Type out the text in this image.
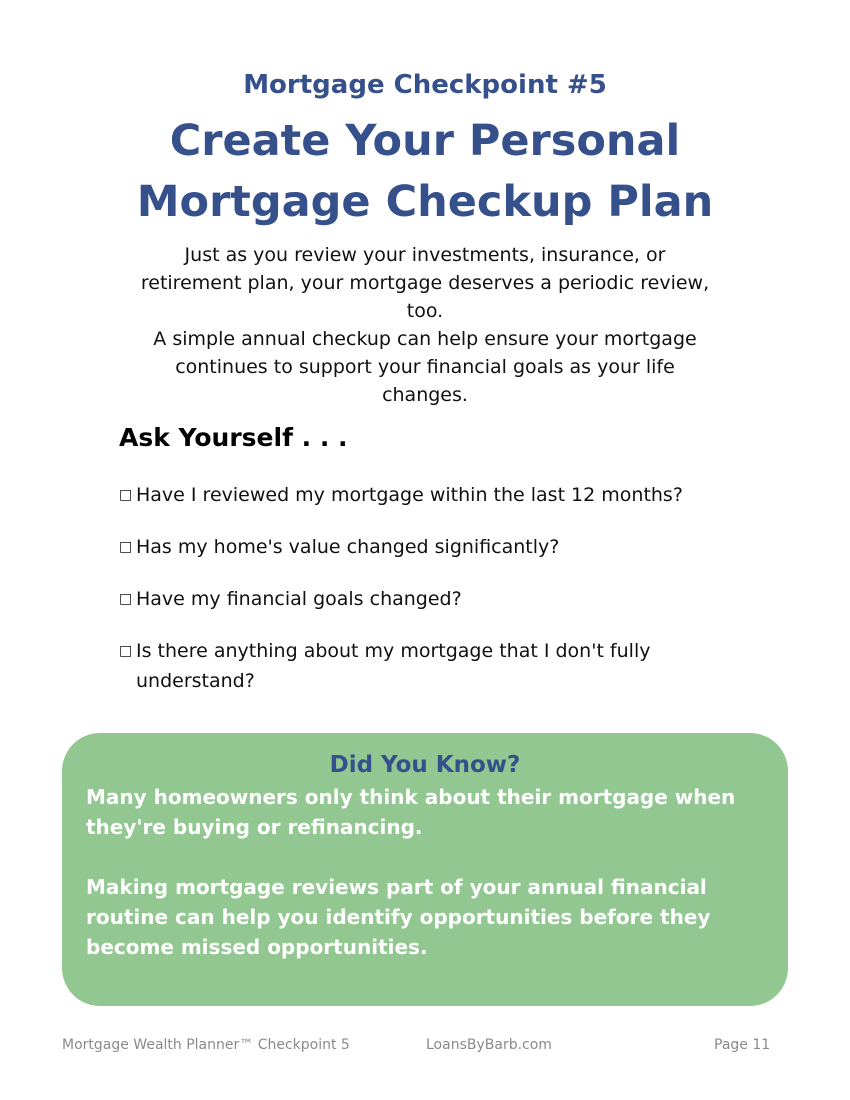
Mortgage Checkpoint #5
Create Your Personal
Mortgage Checkup Plan

Just as you review your investments, insurance, or retirement plan, your mortgage deserves a periodic review, too.

A simple annual checkup can help ensure your mortgage continues to support your financial goals as your life changes.

Ask Yourself . . .
□ Have I reviewed my mortgage within the last 12 months?
□ Has my home's value changed significantly?
□ Have my financial goals changed?
□ Is there anything about my mortgage that I don't fully understand?
Did You Know?

Many homeowners only think about their mortgage when they're buying or refinancing.

Making mortgage reviews part of your annual financial routine can help you identify opportunities before they become missed opportunities.

Mortgage Wealth Planner™ Checkpoint 5	LoansByBarb.com	Page 11
